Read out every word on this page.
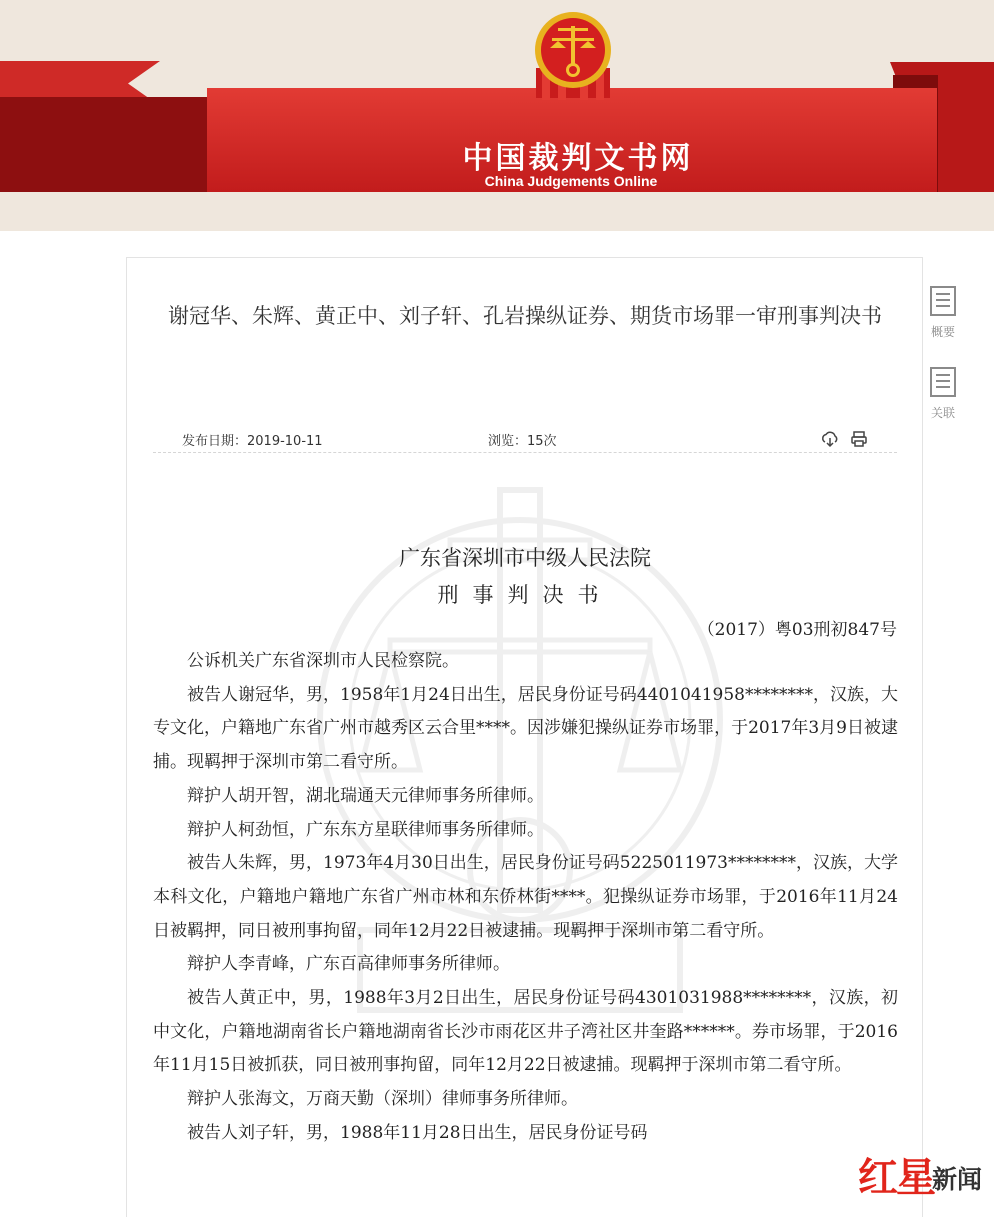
中国裁判文书网
China Judgements Online
谢冠华、朱辉、黄正中、刘子轩、孔岩操纵证券、期货市场罪一审刑事判决书
发布日期：2019-10-11	浏览：15次
概要
关联
广东省深圳市中级人民法院
刑事判决书
（2017）粤03刑初847号

公诉机关广东省深圳市人民检察院。

被告人谢冠华，男，1958年1月24日出生，居民身份证号码4401041958********，汉族，大专文化，户籍地广东省广州市越秀区云合里****。因涉嫌犯操纵证券市场罪，于2017年3月9日被逮捕。现羁押于深圳市第二看守所。

辩护人胡开智，湖北瑞通天元律师事务所律师。

辩护人柯劲恒，广东东方星联律师事务所律师。

被告人朱辉，男，1973年4月30日出生，居民身份证号码5225011973********，汉族，大学本科文化，户籍地户籍地广东省广州市林和东侨林街****。犯操纵证券市场罪，于2016年11月24日被羁押，同日被刑事拘留，同年12月22日被逮捕。现羁押于深圳市第二看守所。

辩护人李青峰，广东百高律师事务所律师。

被告人黄正中，男，1988年3月2日出生，居民身份证号码4301031988********，汉族，初中文化，户籍地湖南省长户籍地湖南省长沙市雨花区井子湾社区井奎路******。券市场罪，于2016年11月15日被抓获，同日被刑事拘留，同年12月22日被逮捕。现羁押于深圳市第二看守所。

辩护人张海文，万商天勤（深圳）律师事务所律师。

被告人刘子轩，男，1988年11月28日出生，居民身份证号码

红
星
新闻
